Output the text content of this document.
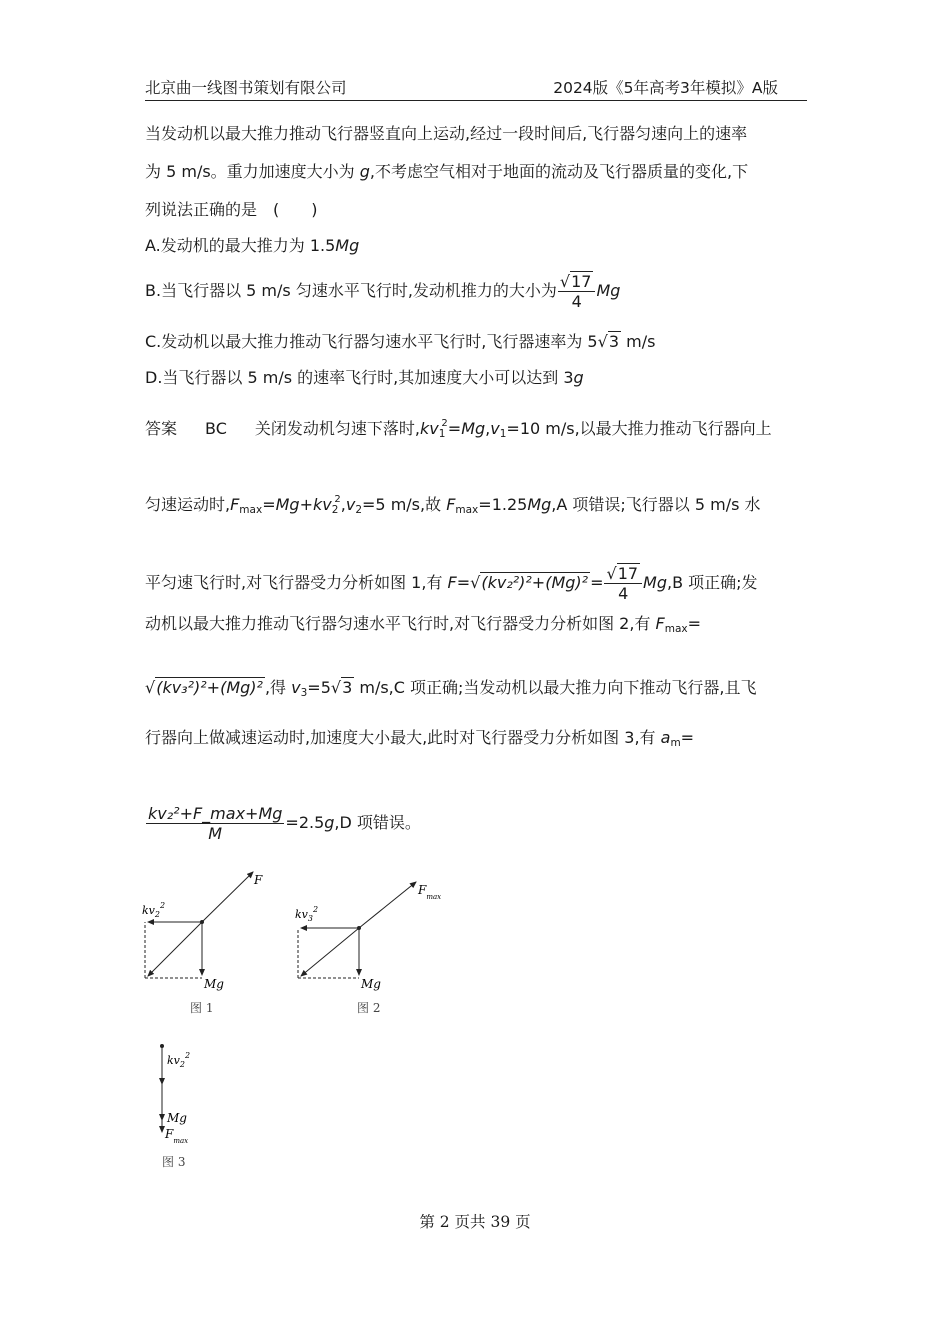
北京曲一线图书策划有限公司	2024版《5年高考3年模拟》A版
当发动机以最大推力推动飞行器竖直向上运动,经过一段时间后,飞行器匀速向上的速率
为 5 m/s。重力加速度大小为 g,不考虑空气相对于地面的流动及飞行器质量的变化,下
列说法正确的是　(　　)
A.发动机的最大推力为 1.5Mg
B.当飞行器以 5 m/s 匀速水平飞行时,发动机推力的大小为 $\frac{√17}{4}$ Mg
C.发动机以最大推力推动飞行器匀速水平飞行时,飞行器速率为 5√3 m/s
D.当飞行器以 5 m/s 的速率飞行时,其加速度大小可以达到 3g
答案 BC 关闭发动机匀速下落时$,kv_1^2=Mg,v_1=10$ m/s,以最大推力推动飞行器向上
匀速运动时$,F_{max}=Mg+kv_2^2,v_2=5$ m/s,故 $F_{max}=1.25Mg,A$ 项错误;飞行器以 5 m/s 水
平匀速飞行时,对飞行器受力分析如图 1,有 $F=√(kv_2^2)^2+(Mg)^2 = \frac{√17}{4} Mg,B$ 项正确;发
动机以最大推力推动飞行器匀速水平飞行时,对飞行器受力分析如图 2,有 $F_{max}=$
√(kv₃²)²+(Mg)² ,得 $v_3=5√3$ m/s,C 项正确;当发动机以最大推力向下推动飞行器,且飞
行器向上做减速运动时,加速度大小最大,此时对飞行器受力分析如图 3,有 $a_m=$
$\frac{\text{kv₂²+F\_max+Mg}}{M} =2.5g,D$ 项错误。
F
$kv_2^2$
Mg
图 1
$F_{max}$
$kv_3^2$
Mg
图 2
$kv_2^2$
Mg
$F_{max}$
图 3
第 2 页共 39 页
